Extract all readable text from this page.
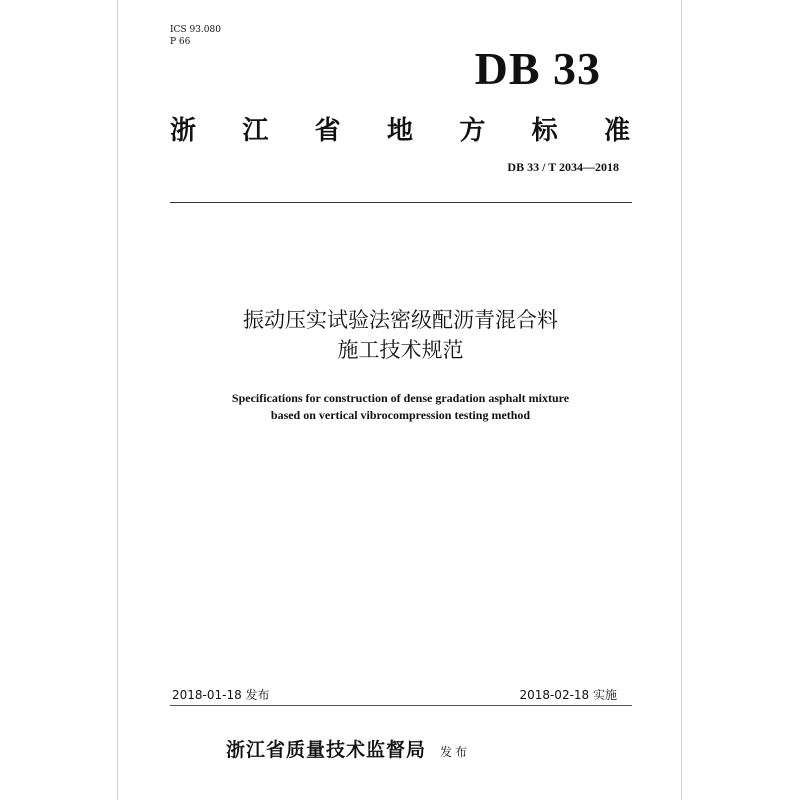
ICS 93.080
P 66
DB 33
浙 江 省 地 方 标 准
DB 33 / T 2034—2018
振动压实试验法密级配沥青混合料
施工技术规范
Specifications for construction of dense gradation asphalt mixture
based on vertical vibrocompression testing method
2018-01-18 发布	2018-02-18 实施
浙江省质量技术监督局 发布
